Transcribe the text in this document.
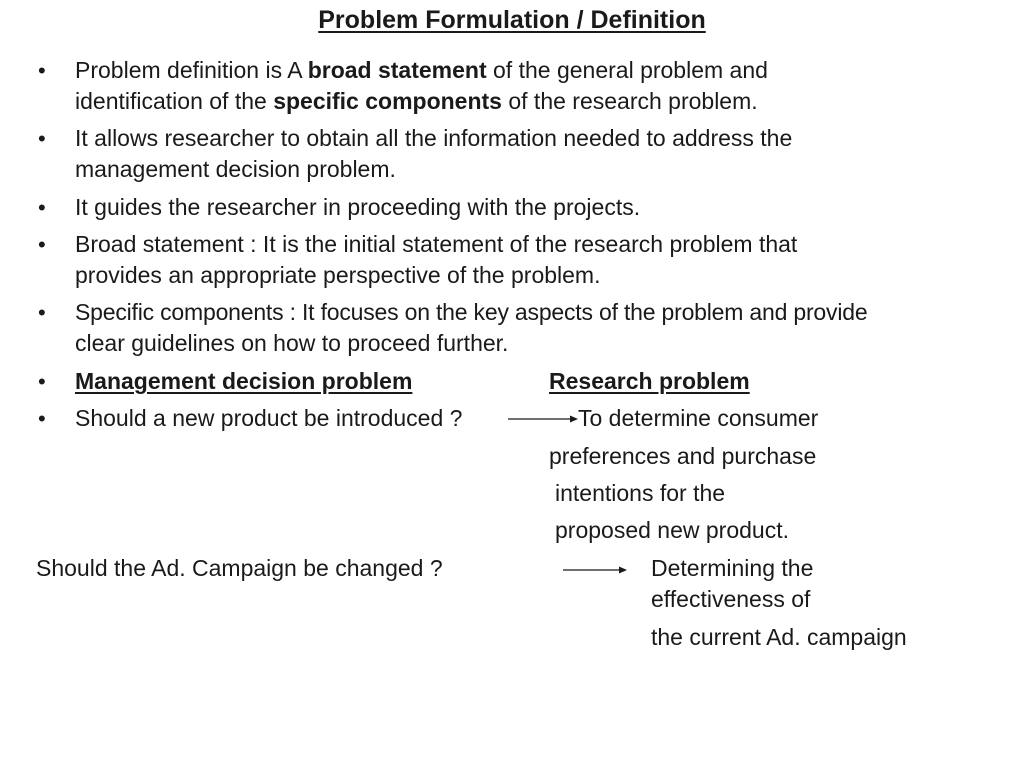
Problem Formulation / Definition
• Problem definition is A broad statement of the general problem and
identification of the specific components of the research problem.
• It allows researcher to obtain all the information needed to address the
management decision problem.
• It guides the researcher in proceeding with the projects.
• Broad statement : It is the initial statement of the research problem that
provides an appropriate perspective of the problem.
• Specific components : It focuses on the key aspects of the problem and provide
clear guidelines on how to proceed further.
• Management decision problem	Research problem
• Should a new product be introduced ?	To determine consumer
preferences and purchase
intentions for the
proposed new product.
Should the Ad. Campaign be changed ?	Determining the
effectiveness of
the current Ad. campaign
